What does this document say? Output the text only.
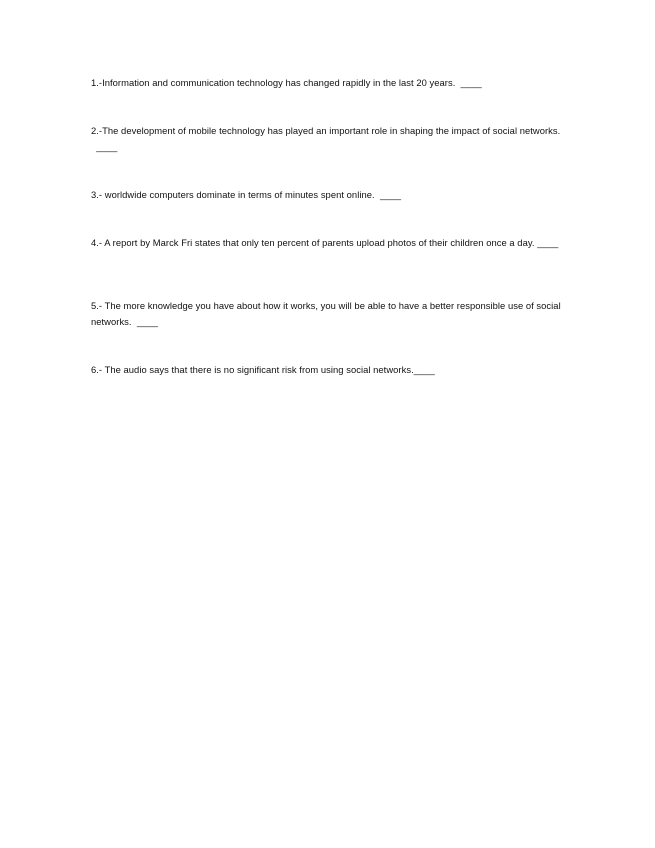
1.-Information and communication technology has changed rapidly in the last 20 years.  ____
2.-The development of mobile technology has played an important role in shaping the impact of social networks.  ____
3.- worldwide computers dominate in terms of minutes spent online.  ____
4.- A report by Marck Fri states that only ten percent of parents upload photos of their children once a day. ____
5.- The more knowledge you have about how it works, you will be able to have a better responsible use of social networks.  ____
6.- The audio says that there is no significant risk from using social networks.____
